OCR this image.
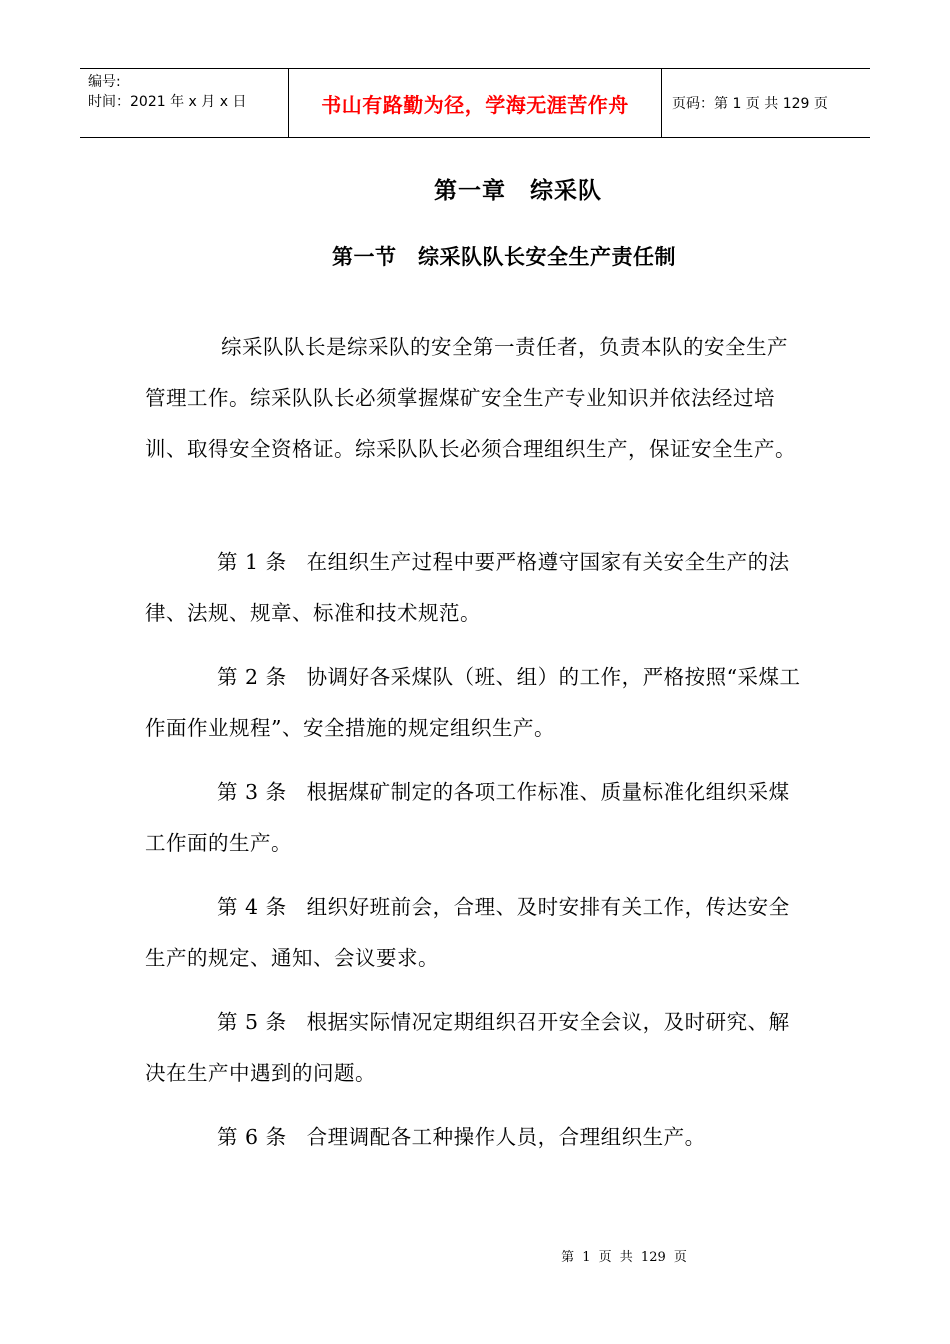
编号:
时间：2021 年 x 月 x 日	书山有路勤为径，学海无涯苦作舟	页码：第 1 页 共 129 页
第一章　综采队
第一节　综采队队长安全生产责任制

综采队队长是综采队的安全第一责任者，负责本队的安全生产管理工作。综采队队长必须掌握煤矿安全生产专业知识并依法经过培训、取得安全资格证。综采队队长必须合理组织生产，保证安全生产。

第 1 条 在组织生产过程中要严格遵守国家有关安全生产的法律、法规、规章、标准和技术规范。

第 2 条 协调好各采煤队（班、组）的工作，严格按照“采煤工作面作业规程”、安全措施的规定组织生产。

第 3 条 根据煤矿制定的各项工作标准、质量标准化组织采煤工作面的生产。

第 4 条 组织好班前会，合理、及时安排有关工作，传达安全生产的规定、通知、会议要求。

第 5 条 根据实际情况定期组织召开安全会议，及时研究、解决在生产中遇到的问题。

第 6 条 合理调配各工种操作人员，合理组织生产。

第 1 页 共 129 页
